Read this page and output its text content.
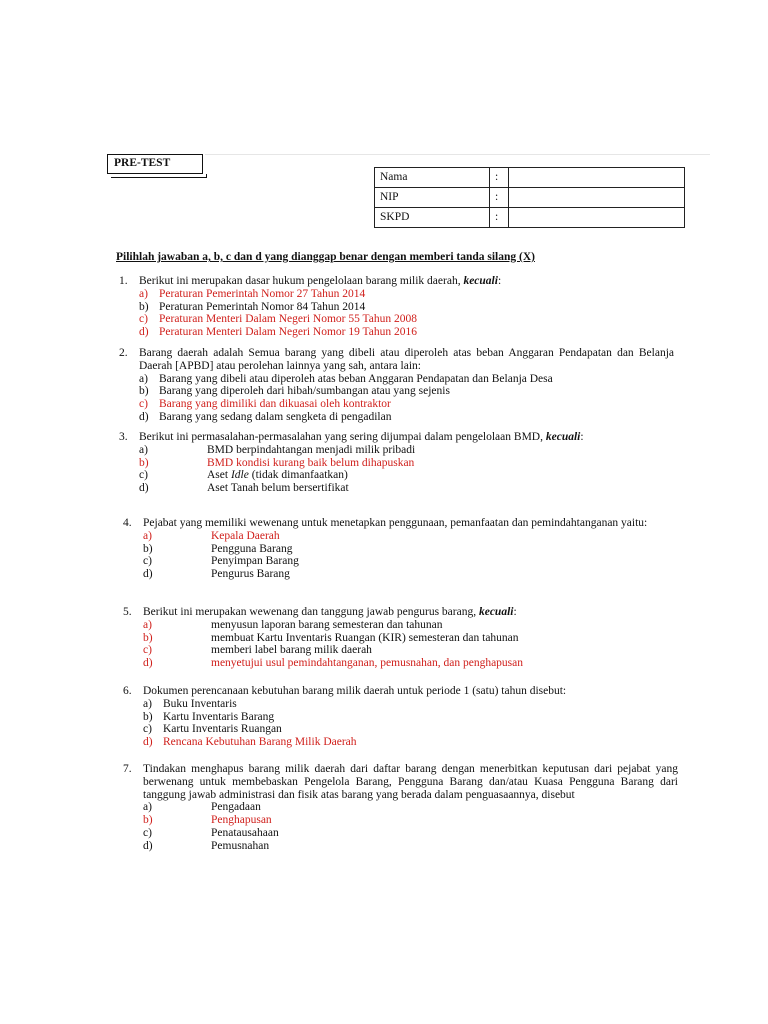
PRE-TEST
Nama	:	
NIP	:	
SKPD	:	
Pilihlah jawaban a, b, c dan d yang dianggap benar dengan memberi tanda silang (X)
1. Berikut ini merupakan dasar hukum pengelolaan barang milik daerah, kecuali:
a) Peraturan Pemerintah Nomor 27 Tahun 2014
b) Peraturan Pemerintah Nomor 84 Tahun 2014
c) Peraturan Menteri Dalam Negeri Nomor 55 Tahun 2008
d) Peraturan Menteri Dalam Negeri Nomor 19 Tahun 2016
2. Barang daerah adalah Semua barang yang dibeli atau diperoleh atas beban Anggaran Pendapatan dan Belanja Daerah [APBD] atau perolehan lainnya yang sah, antara lain:
a) Barang yang dibeli atau diperoleh atas beban Anggaran Pendapatan dan Belanja Desa
b) Barang yang diperoleh dari hibah/sumbangan atau yang sejenis
c) Barang yang dimiliki dan dikuasai oleh kontraktor
d) Barang yang sedang dalam sengketa di pengadilan
3. Berikut ini permasalahan-permasalahan yang sering dijumpai dalam pengelolaan BMD, kecuali:
a)	BMD berpindahtangan menjadi milik pribadi
b)	BMD kondisi kurang baik belum dihapuskan
c)	Aset Idle (tidak dimanfaatkan)
d)	Aset Tanah belum bersertifikat
4. Pejabat yang memiliki wewenang untuk menetapkan penggunaan, pemanfaatan dan pemindahtanganan yaitu:
a)	Kepala Daerah
b)	Pengguna Barang
c)	Penyimpan Barang
d)	Pengurus Barang
5. Berikut ini merupakan wewenang dan tanggung jawab pengurus barang, kecuali:
a)	menyusun laporan barang semesteran dan tahunan
b)	membuat Kartu Inventaris Ruangan (KIR) semesteran dan tahunan
c)	memberi label barang milik daerah
d)	menyetujui usul pemindahtanganan, pemusnahan, dan penghapusan
6. Dokumen perencanaan kebutuhan barang milik daerah untuk periode 1 (satu) tahun disebut:
a) Buku Inventaris
b) Kartu Inventaris Barang
c) Kartu Inventaris Ruangan
d) Rencana Kebutuhan Barang Milik Daerah
7. Tindakan menghapus barang milik daerah dari daftar barang dengan menerbitkan keputusan dari pejabat yang berwenang untuk membebaskan Pengelola Barang, Pengguna Barang dan/atau Kuasa Pengguna Barang dari tanggung jawab administrasi dan fisik atas barang yang berada dalam penguasaannya, disebut
a)	Pengadaan
b)	Penghapusan
c)	Penatausahaan
d)	Pemusnahan
